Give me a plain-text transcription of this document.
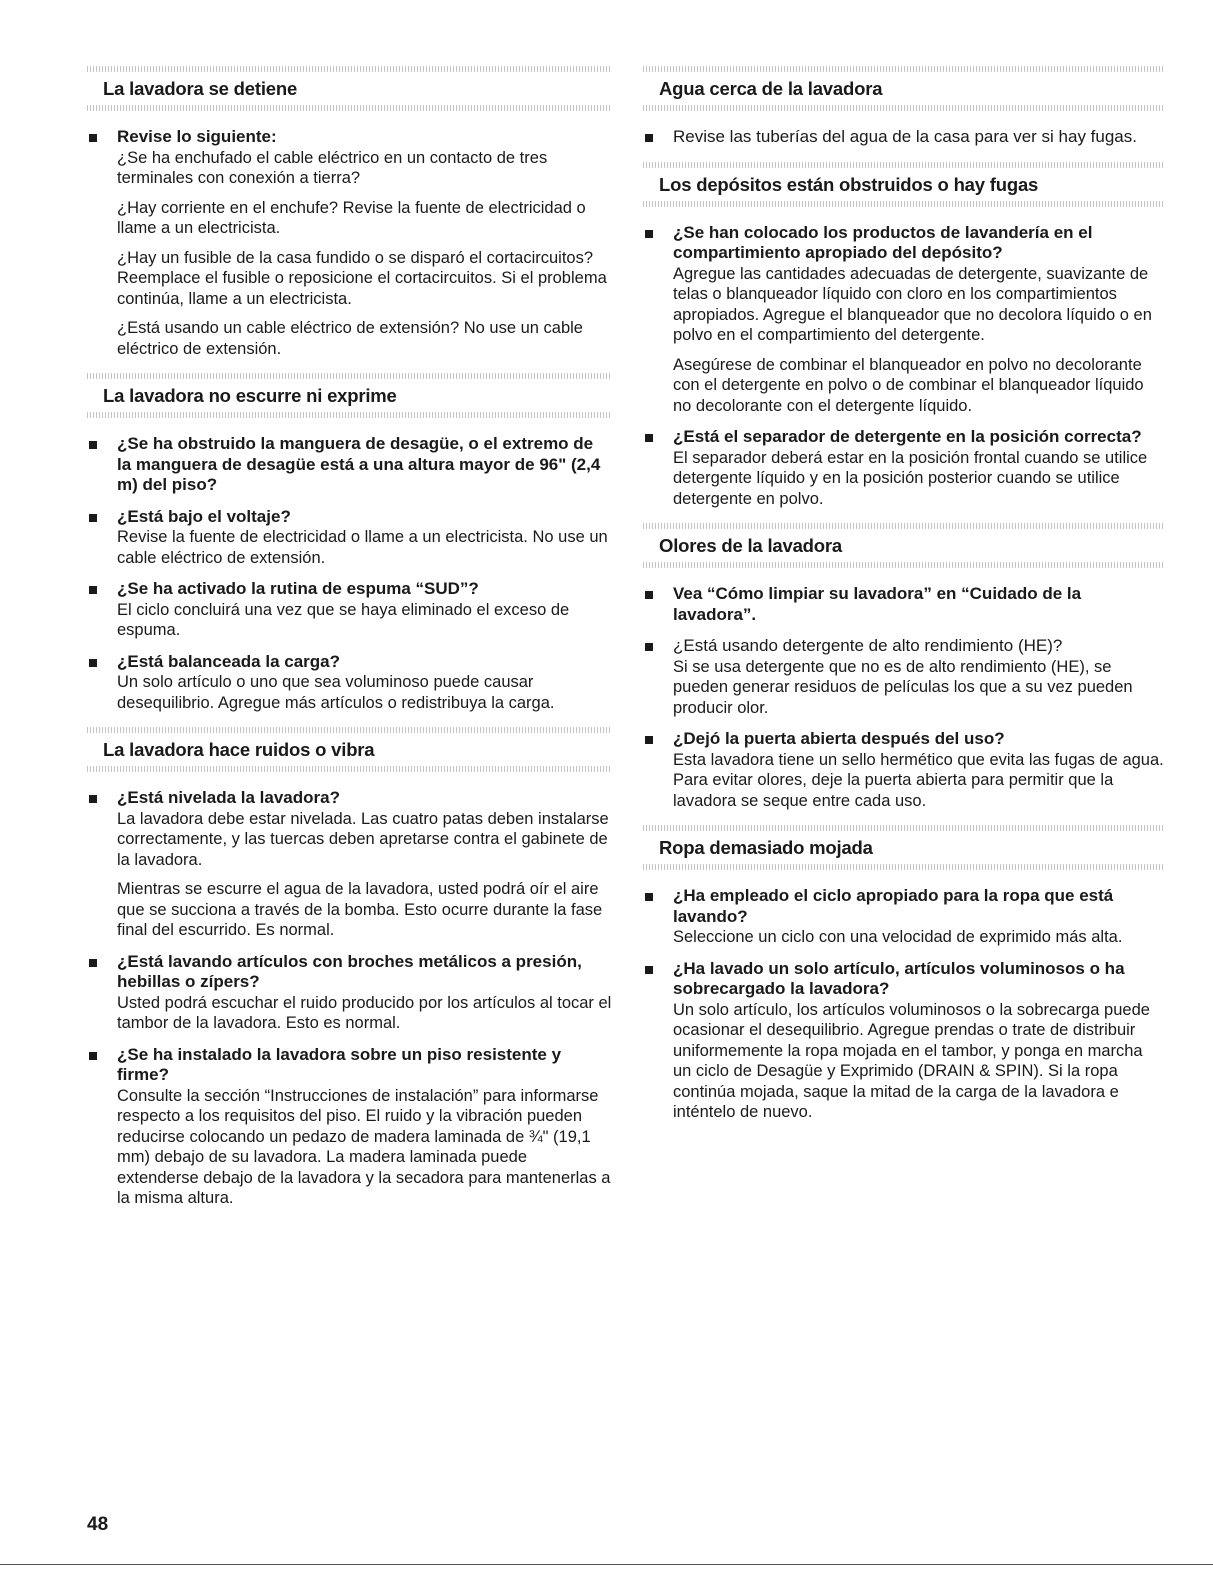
La lavadora se detiene
Revise lo siguiente:

¿Se ha enchufado el cable eléctrico en un contacto de tres terminales con conexión a tierra?

¿Hay corriente en el enchufe? Revise la fuente de electricidad o llame a un electricista.

¿Hay un fusible de la casa fundido o se disparó el cortacircuitos? Reemplace el fusible o reposicione el cortacircuitos. Si el problema continúa, llame a un electricista.

¿Está usando un cable eléctrico de extensión? No use un cable eléctrico de extensión.

La lavadora no escurre ni exprime
¿Se ha obstruido la manguera de desagüe, o el extremo de la manguera de desagüe está a una altura mayor de 96" (2,4 m) del piso?
¿Está bajo el voltaje?

Revise la fuente de electricidad o llame a un electricista. No use un cable eléctrico de extensión.

¿Se ha activado la rutina de espuma “SUD”?

El ciclo concluirá una vez que se haya eliminado el exceso de espuma.

¿Está balanceada la carga?

Un solo artículo o uno que sea voluminoso puede causar desequilibrio. Agregue más artículos o redistribuya la carga.

La lavadora hace ruidos o vibra
¿Está nivelada la lavadora?

La lavadora debe estar nivelada. Las cuatro patas deben instalarse correctamente, y las tuercas deben apretarse contra el gabinete de la lavadora.

Mientras se escurre el agua de la lavadora, usted podrá oír el aire que se succiona a través de la bomba. Esto ocurre durante la fase final del escurrido. Es normal.

¿Está lavando artículos con broches metálicos a presión, hebillas o zípers?

Usted podrá escuchar el ruido producido por los artículos al tocar el tambor de la lavadora. Esto es normal.

¿Se ha instalado la lavadora sobre un piso resistente y firme?

Consulte la sección “Instrucciones de instalación” para informarse respecto a los requisitos del piso. El ruido y la vibración pueden reducirse colocando un pedazo de madera laminada de ¾" (19,1 mm) debajo de su lavadora. La madera laminada puede extenderse debajo de la lavadora y la secadora para mantenerlas a la misma altura.

Agua cerca de la lavadora
Revise las tuberías del agua de la casa para ver si hay fugas.
Los depósitos están obstruidos o hay fugas
¿Se han colocado los productos de lavandería en el compartimiento apropiado del depósito?

Agregue las cantidades adecuadas de detergente, suavizante de telas o blanqueador líquido con cloro en los compartimientos apropiados. Agregue el blanqueador que no decolora líquido o en polvo en el compartimiento del detergente.

Asegúrese de combinar el blanqueador en polvo no decolorante con el detergente en polvo o de combinar el blanqueador líquido no decolorante con el detergente líquido.

¿Está el separador de detergente en la posición correcta?

El separador deberá estar en la posición frontal cuando se utilice detergente líquido y en la posición posterior cuando se utilice detergente en polvo.

Olores de la lavadora
Vea “Cómo limpiar su lavadora” en “Cuidado de la lavadora”.
¿Está usando detergente de alto rendimiento (HE)?

Si se usa detergente que no es de alto rendimiento (HE), se pueden generar residuos de películas los que a su vez pueden producir olor.

¿Dejó la puerta abierta después del uso?

Esta lavadora tiene un sello hermético que evita las fugas de agua. Para evitar olores, deje la puerta abierta para permitir que la lavadora se seque entre cada uso.

Ropa demasiado mojada
¿Ha empleado el ciclo apropiado para la ropa que está lavando?

Seleccione un ciclo con una velocidad de exprimido más alta.

¿Ha lavado un solo artículo, artículos voluminosos o ha sobrecargado la lavadora?

Un solo artículo, los artículos voluminosos o la sobrecarga puede ocasionar el desequilibrio. Agregue prendas o trate de distribuir uniformemente la ropa mojada en el tambor, y ponga en marcha un ciclo de Desagüe y Exprimido (DRAIN & SPIN). Si la ropa continúa mojada, saque la mitad de la carga de la lavadora e inténtelo de nuevo.

48
